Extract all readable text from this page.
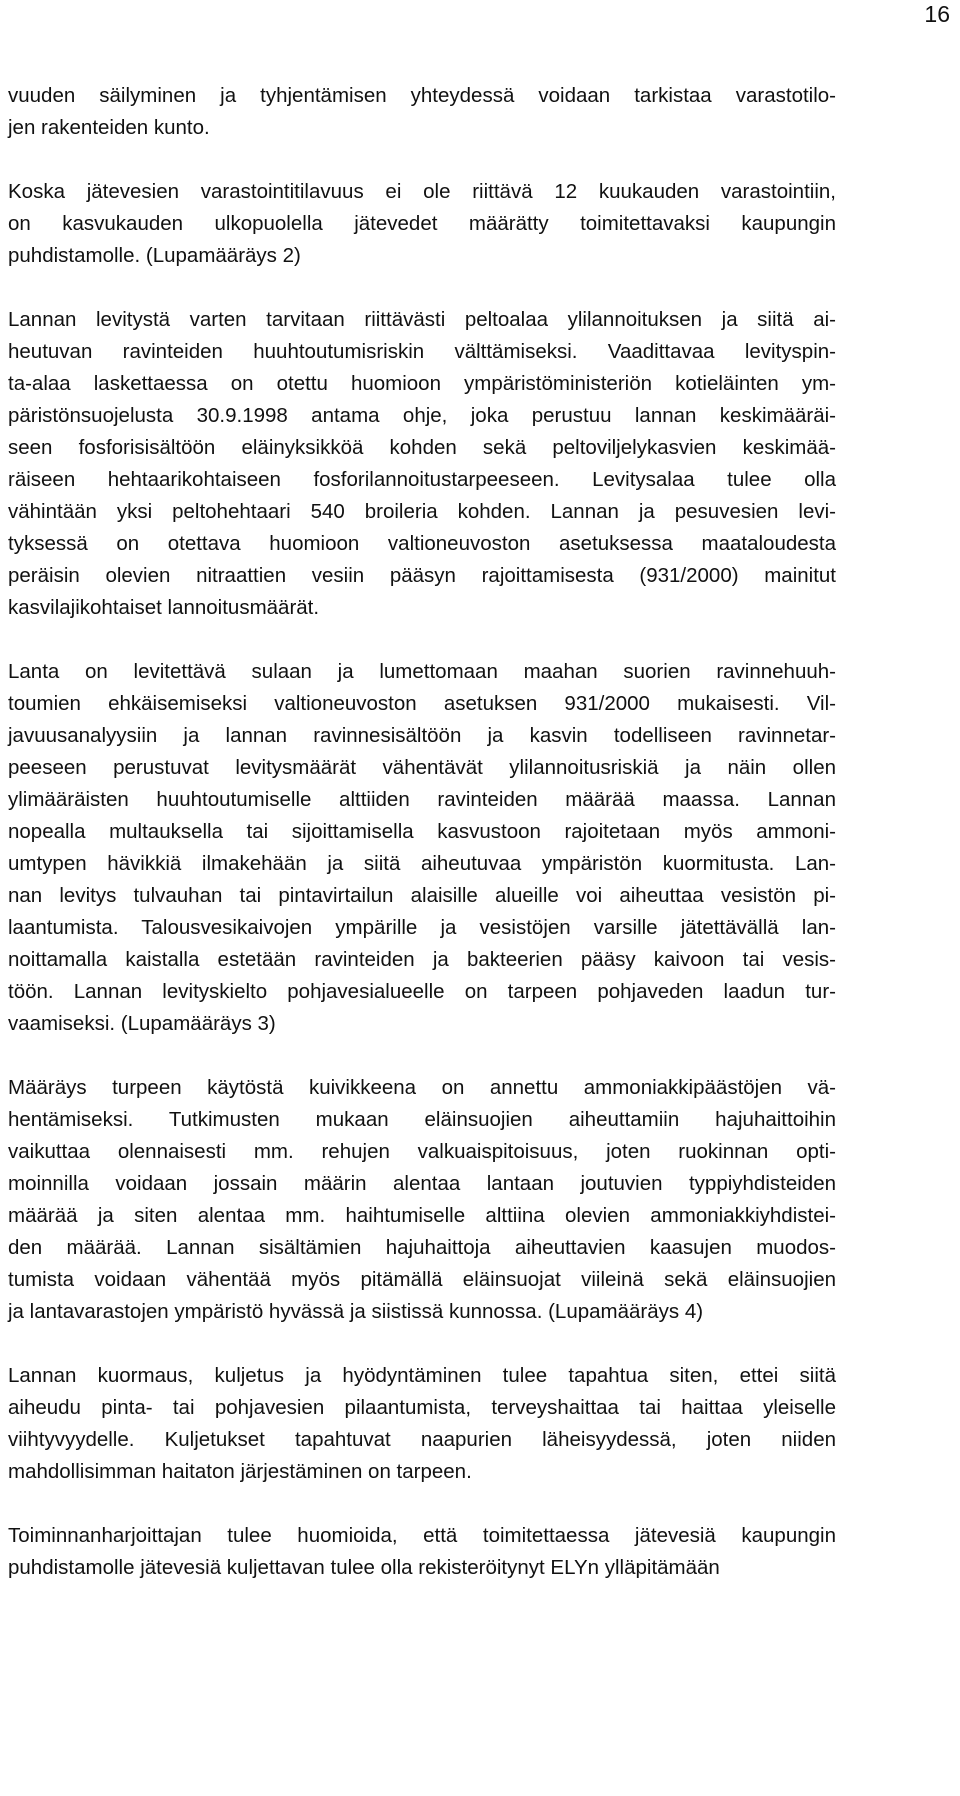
16

vuuden säilyminen ja tyhjentämisen yhteydessä voidaan tarkistaa varastotilo-
jen rakenteiden kunto.

Koska jätevesien varastointitilavuus ei ole riittävä 12 kuukauden varastointiin,
on kasvukauden ulkopuolella jätevedet määrätty toimitettavaksi kaupungin
puhdistamolle. (Lupamääräys 2)

Lannan levitystä varten tarvitaan riittävästi peltoalaa ylilannoituksen ja siitä ai-
heutuvan ravinteiden huuhtoutumisriskin välttämiseksi. Vaadittavaa levityspin-
ta-alaa laskettaessa on otettu huomioon ympäristöministeriön kotieläinten ym-
päristönsuojelusta 30.9.1998 antama ohje, joka perustuu lannan keskimääräi-
seen fosforisisältöön eläinyksikköä kohden sekä peltoviljelykasvien keskimää-
räiseen hehtaarikohtaiseen fosforilannoitustarpeeseen. Levitysalaa tulee olla
vähintään yksi peltohehtaari 540 broileria kohden. Lannan ja pesuvesien levi-
tyksessä on otettava huomioon valtioneuvoston asetuksessa maataloudesta
peräisin olevien nitraattien vesiin pääsyn rajoittamisesta (931/2000) mainitut
kasvilajikohtaiset lannoitusmäärät.

Lanta on levitettävä sulaan ja lumettomaan maahan suorien ravinnehuuh-
toumien ehkäisemiseksi valtioneuvoston asetuksen 931/2000 mukaisesti. Vil-
javuusanalyysiin ja lannan ravinnesisältöön ja kasvin todelliseen ravinnetar-
peeseen perustuvat levitysmäärät vähentävät ylilannoitusriskiä ja näin ollen
ylimääräisten huuhtoutumiselle alttiiden ravinteiden määrää maassa. Lannan
nopealla multauksella tai sijoittamisella kasvustoon rajoitetaan myös ammoni-
umtypen hävikkiä ilmakehään ja siitä aiheutuvaa ympäristön kuormitusta. Lan-
nan levitys tulvauhan tai pintavirtailun alaisille alueille voi aiheuttaa vesistön pi-
laantumista. Talousvesikaivojen ympärille ja vesistöjen varsille jätettävällä lan-
noittamalla kaistalla estetään ravinteiden ja bakteerien pääsy kaivoon tai vesis-
töön. Lannan levityskielto pohjavesialueelle on tarpeen pohjaveden laadun tur-
vaamiseksi. (Lupamääräys 3)

Määräys turpeen käytöstä kuivikkeena on annettu ammoniakkipäästöjen vä-
hentämiseksi. Tutkimusten mukaan eläinsuojien aiheuttamiin hajuhaittoihin
vaikuttaa olennaisesti mm. rehujen valkuaispitoisuus, joten ruokinnan opti-
moinnilla voidaan jossain määrin alentaa lantaan joutuvien typpiyhdisteiden
määrää ja siten alentaa mm. haihtumiselle alttiina olevien ammoniakkiyhdistei-
den määrää. Lannan sisältämien hajuhaittoja aiheuttavien kaasujen muodos-
tumista voidaan vähentää myös pitämällä eläinsuojat viileinä sekä eläinsuojien
ja lantavarastojen ympäristö hyvässä ja siistissä kunnossa. (Lupamääräys 4)

Lannan kuormaus, kuljetus ja hyödyntäminen tulee tapahtua siten, ettei siitä
aiheudu pinta- tai pohjavesien pilaantumista, terveyshaittaa tai haittaa yleiselle
viihtyvyydelle. Kuljetukset tapahtuvat naapurien läheisyydessä, joten niiden
mahdollisimman haitaton järjestäminen on tarpeen.

Toiminnanharjoittajan tulee huomioida, että toimitettaessa jätevesiä kaupungin
puhdistamolle jätevesiä kuljettavan tulee olla rekisteröitynyt ELYn ylläpitämään
